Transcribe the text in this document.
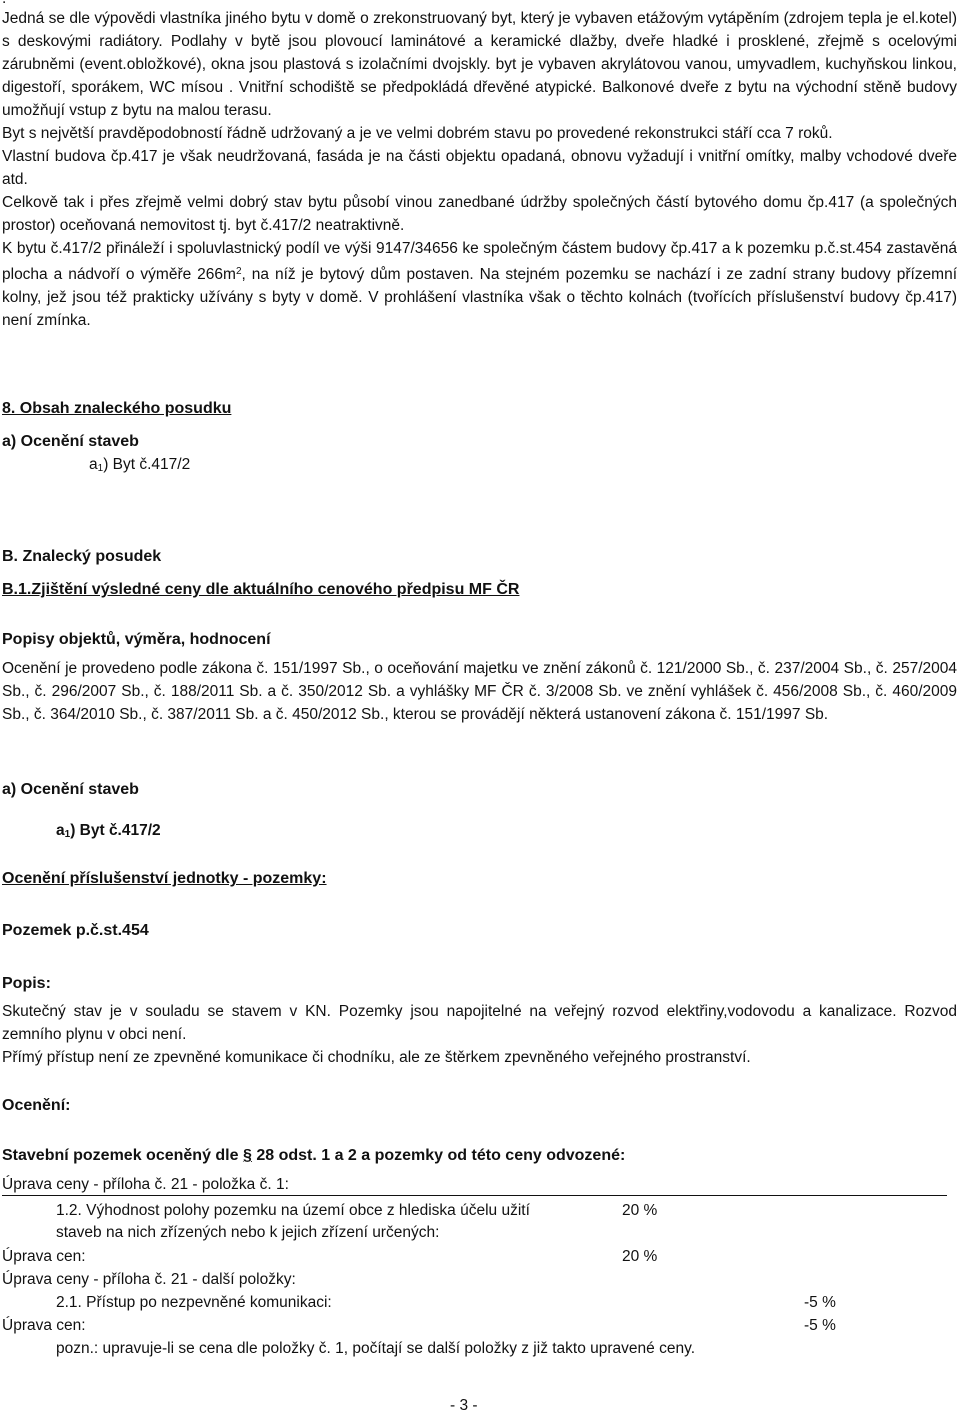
Jedná se dle výpovědi vlastníka jiného bytu v domě o zrekonstruovaný byt, který je vybaven etážovým vytápěním (zdrojem tepla je el.kotel) s deskovými radiátory. Podlahy v bytě jsou plovoucí laminátové a keramické dlažby, dveře hladké i prosklené, zřejmě s ocelovými zárubněmi (event.obložkové), okna jsou plastová s izolačními dvojskly. byt je vybaven akrylátovou vanou, umyvadlem, kuchyňskou linkou, digestoří, sporákem, WC mísou . Vnitřní schodiště se předpokládá dřevěné atypické. Balkonové dveře z bytu na východní stěně budovy umožňují vstup z bytu na malou terasu.

Byt s největší pravděpodobností řádně udržovaný a je ve velmi dobrém stavu po provedené rekonstrukci stáří cca 7 roků.

Vlastní budova čp.417 je však neudržovaná, fasáda je na části objektu opadaná, obnovu vyžadují i vnitřní omítky, malby vchodové dveře atd.

Celkově tak i přes zřejmě velmi dobrý stav bytu působí vinou zanedbané údržby společných částí bytového domu čp.417 (a společných prostor) oceňovaná nemovitost tj. byt č.417/2 neatraktivně.

K bytu č.417/2 přináleží i spoluvlastnický podíl ve výši 9147/34656 ke společným částem budovy čp.417 a k pozemku p.č.st.454 zastavěná plocha a nádvoří o výměře $266m^2$, na níž je bytový dům postaven. Na stejném pozemku se nachází i ze zadní strany budovy přízemní kolny, jež jsou též prakticky užívány s byty v domě. V prohlášení vlastníka však o těchto kolnách (tvořících příslušenství budovy čp.417) není zmínka.

8. Obsah znaleckého posudku
a) Ocenění staveb
$a_1$) Byt č.417/2
B. Znalecký posudek
B.1.Zjištění výsledné ceny dle aktuálního cenového předpisu MF ČR
Popisy objektů, výměra, hodnocení

Ocenění je provedeno podle zákona č. 151/1997 Sb., o oceňování majetku ve znění zákonů č. 121/2000 Sb., č. 237/2004 Sb., č. 257/2004 Sb., č. 296/2007 Sb., č. 188/2011 Sb. a č. 350/2012 Sb. a vyhlášky MF ČR č. 3/2008 Sb. ve znění vyhlášek č. 456/2008 Sb., č. 460/2009 Sb., č. 364/2010 Sb., č. 387/2011 Sb. a č. 450/2012 Sb., kterou se provádějí některá ustanovení zákona č. 151/1997 Sb.

a) Ocenění staveb
$a_1$) Byt č.417/2
Ocenění příslušenství jednotky - pozemky:
Pozemek p.č.st.454
Popis:

Skutečný stav je v souladu se stavem v KN. Pozemky jsou napojitelné na veřejný rozvod elektřiny,vodovodu a kanalizace. Rozvod zemního plynu v obci není.

Přímý přístup není ze zpevněné komunikace či chodníku, ale ze štěrkem zpevněného veřejného prostranství.
Ocenění:
Stavební pozemek oceněný dle § 28 odst. 1 a 2 a pozemky od této ceny odvozené:
Úprava ceny - příloha č. 21 - položka č. 1:
1.2. Výhodnost polohy pozemku na území obce z hlediska účelu užití	20 %
staveb na nich zřízených nebo k jejich zřízení určených:
Úprava cen:	20 %
Úprava ceny - příloha č. 21 - další položky:
2.1. Přístup po nezpevněné komunikaci:	-5 %
Úprava cen:	-5 %
pozn.: upravuje-li se cena dle položky č. 1, počítají se další položky z již takto upravené ceny.
- 3 -
